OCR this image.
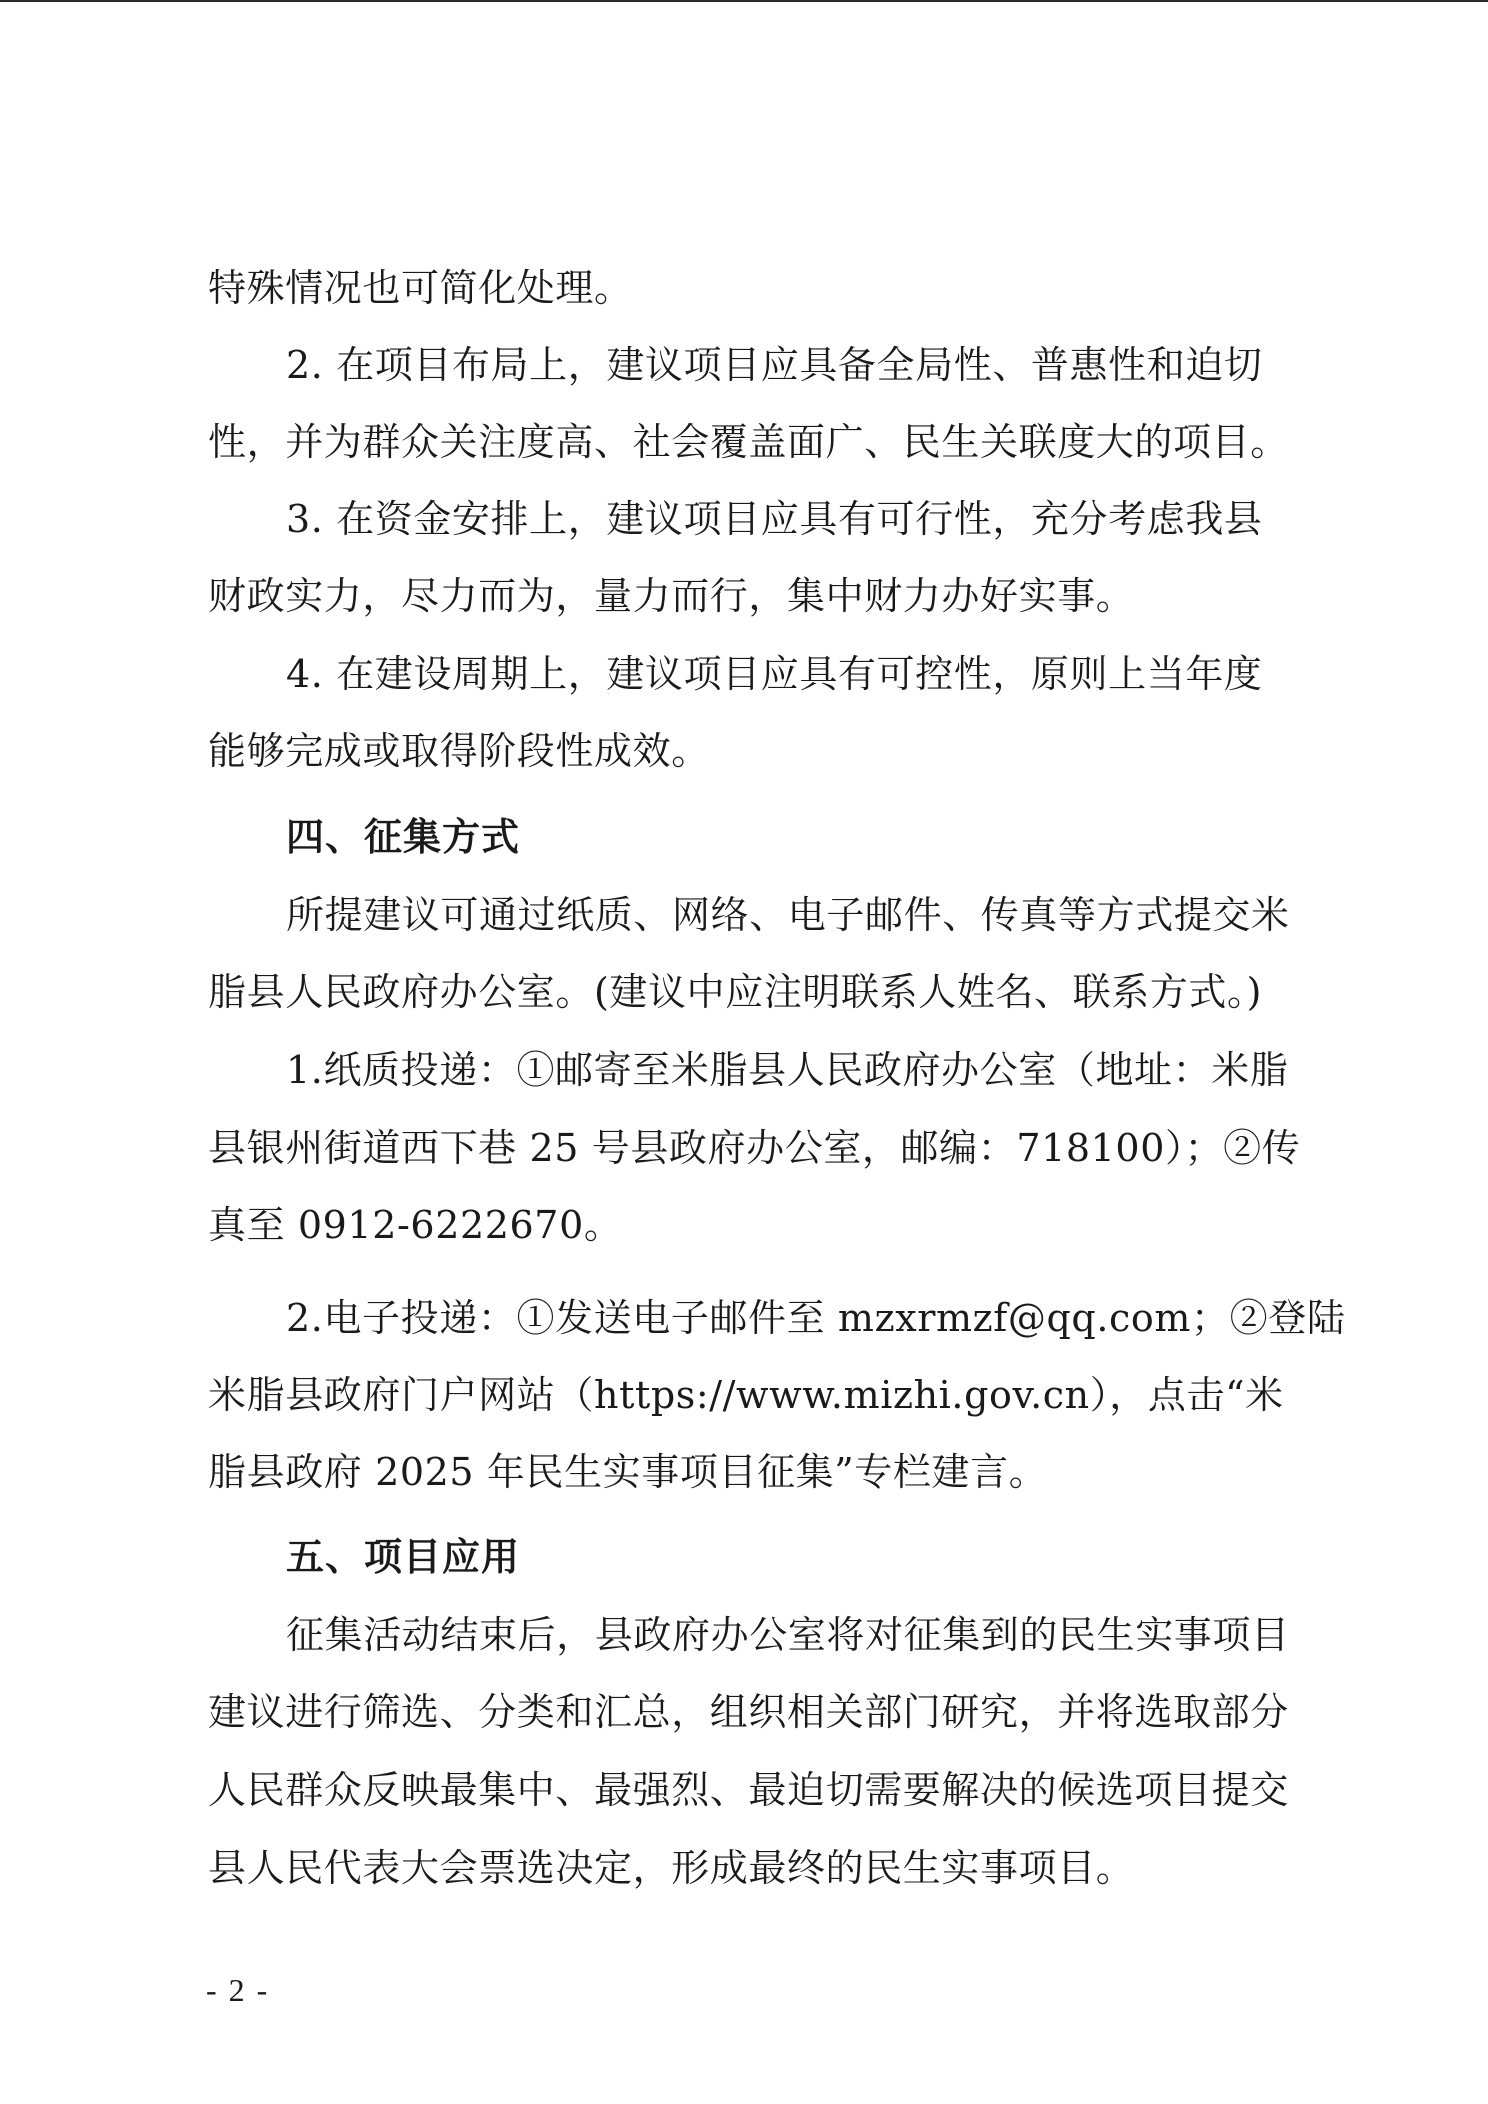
特殊情况也可简化处理。
2. 在项目布局上，建议项目应具备全局性、普惠性和迫切
性，并为群众关注度高、社会覆盖面广、民生关联度大的项目。
3. 在资金安排上，建议项目应具有可行性，充分考虑我县
财政实力，尽力而为，量力而行，集中财力办好实事。
4. 在建设周期上，建议项目应具有可控性，原则上当年度
能够完成或取得阶段性成效。
四、征集方式
所提建议可通过纸质、网络、电子邮件、传真等方式提交米
脂县人民政府办公室。(建议中应注明联系人姓名、联系方式。)
1.纸质投递：①邮寄至米脂县人民政府办公室（地址：米脂
县银州街道西下巷 25 号县政府办公室，邮编：718100）；②传
真至 0912-6222670。
2.电子投递：①发送电子邮件至 mzxrmzf@qq.com；②登陆
米脂县政府门户网站（https://www.mizhi.gov.cn），点击“米
脂县政府 2025 年民生实事项目征集”专栏建言。
五、项目应用
征集活动结束后，县政府办公室将对征集到的民生实事项目
建议进行筛选、分类和汇总，组织相关部门研究，并将选取部分
人民群众反映最集中、最强烈、最迫切需要解决的候选项目提交
县人民代表大会票选决定，形成最终的民生实事项目。
- 2 -
